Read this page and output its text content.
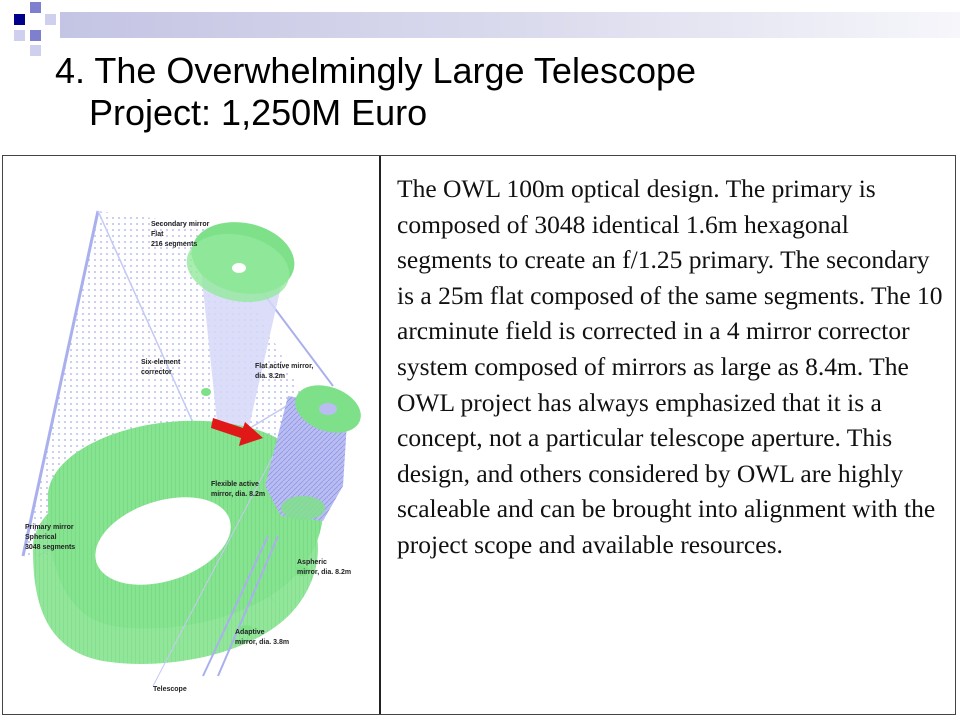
4. The Overwhelmingly Large Telescope
Project: 1,250M Euro
Secondary mirror
Flat
216 segments
Six-element
corrector
Flat active mirror,
dia. 8.2m
Primary mirror
Spherical
3048 segments
Flexible active
mirror, dia. 8.2m
Aspheric
mirror, dia. 8.2m
Adaptive
mirror, dia. 3.8m
Telescope

The OWL 100m optical design. The primary is composed of 3048 identical 1.6m hexagonal segments to create an f/1.25 primary. The secondary is a 25m flat composed of the same segments. The 10 arcminute field is corrected in a 4 mirror corrector system composed of mirrors as large as 8.4m. The OWL project has always emphasized that it is a concept, not a particular telescope aperture. This design, and others considered by OWL are highly scaleable and can be brought into alignment with the project scope and available resources.
